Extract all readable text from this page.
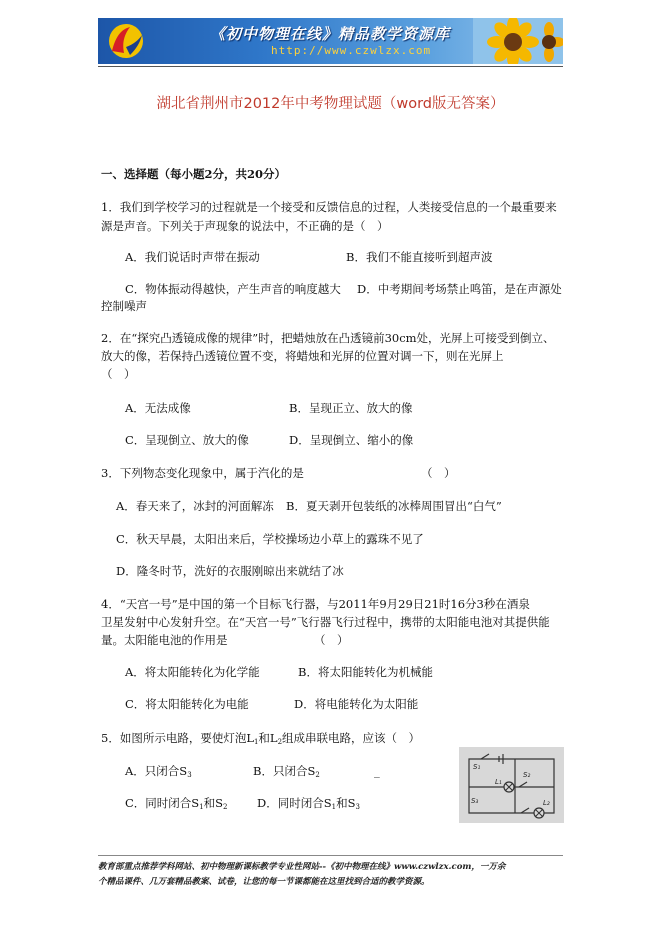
《初中物理在线》精品教学资源库
http://www.czwlzx.com
湖北省荆州市2012年中考物理试题（word版无答案）
一、选择题（每小题2分，共20分）
1．我们到学校学习的过程就是一个接受和反馈信息的过程，人类接受信息的一个最重要来
源是声音。下列关于声现象的说法中，不正确的是（　）
A．我们说话时声带在振动	B．我们不能直接听到超声波
C．物体振动得越快，产生声音的响度越大 D．中考期间考场禁止鸣笛，是在声源处
控制噪声
2．在“探究凸透镜成像的规律”时，把蜡烛放在凸透镜前30cm处，光屏上可接受到倒立、
放大的像，若保持凸透镜位置不变，将蜡烛和光屏的位置对调一下，则在光屏上
（　）
A．无法成像	B．呈现正立、放大的像
C．呈现倒立、放大的像	D．呈现倒立、缩小的像
3．下列物态变化现象中，属于汽化的是	（　）
A．春天来了，冰封的河面解冻 B．夏天剥开包装纸的冰棒周围冒出“白气”
C．秋天早晨，太阳出来后，学校操场边小草上的露珠不见了
D．隆冬时节，洗好的衣服刚晾出来就结了冰
4．“天宫一号”是中国的第一个目标飞行器，与2011年9月29日21时16分3秒在酒泉
卫星发射中心发射升空。在“天宫一号”飞行器飞行过程中，携带的太阳能电池对其提供能
量。太阳能电池的作用是	（　）
A．将太阳能转化为化学能	B．将太阳能转化为机械能
C．将太阳能转化为电能	D．将电能转化为太阳能
5．如图所示电路，要使灯泡$L_1$和$L_2$组成串联电路，应该（　）
A．只闭合$S_3$	B．只闭合$S_2$	_
C．同时闭合$S_1$和$S_2$	D．同时闭合$S_1$和$S_3$
S₁
S₂
S₃
L₁
L₂
教育部重点推荐学科网站、初中物理新课标教学专业性网站--《初中物理在线》www.czwlzx.com，一万余
个精品课件、几万套精品教案、试卷，让您的每一节课都能在这里找到合适的教学资源。
